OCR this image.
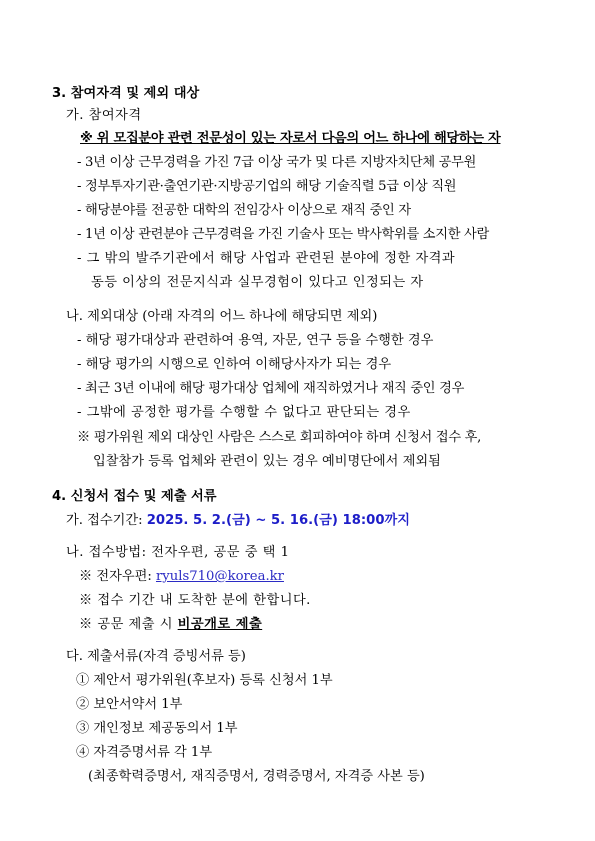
3. 참여자격 및 제외 대상
가. 참여자격
※ 위 모집분야 관련 전문성이 있는 자로서 다음의 어느 하나에 해당하는 자
- 3년 이상 근무경력을 가진 7급 이상 국가 및 다른 지방자치단체 공무원
- 정부투자기관·출연기관·지방공기업의 해당 기술직렬 5급 이상 직원
- 해당분야를 전공한 대학의 전임강사 이상으로 재직 중인 자
- 1년 이상 관련분야 근무경력을 가진 기술사 또는 박사학위를 소지한 사람
- 그 밖의 발주기관에서 해당 사업과 관련된 분야에 정한 자격과
동등 이상의 전문지식과 실무경험이 있다고 인정되는 자
나. 제외대상 (아래 자격의 어느 하나에 해당되면 제외)
- 해당 평가대상과 관련하여 용역, 자문, 연구 등을 수행한 경우
- 해당 평가의 시행으로 인하여 이해당사자가 되는 경우
- 최근 3년 이내에 해당 평가대상 업체에 재직하였거나 재직 중인 경우
- 그밖에 공정한 평가를 수행할 수 없다고 판단되는 경우
※ 평가위원 제외 대상인 사람은 스스로 회피하여야 하며 신청서 접수 후,
입찰참가 등록 업체와 관련이 있는 경우 예비명단에서 제외됨
4. 신청서 접수 및 제출 서류
가. 접수기간: 2025. 5. 2.(금) ~ 5. 16.(금) 18:00까지
나. 접수방법: 전자우편, 공문 중 택 1
※ 전자우편: ryuls710@korea.kr
※ 접수 기간 내 도착한 분에 한합니다.
※ 공문 제출 시 비공개로 제출
다. 제출서류(자격 증빙서류 등)
① 제안서 평가위원(후보자) 등록 신청서 1부
② 보안서약서 1부
③ 개인정보 제공동의서 1부
④ 자격증명서류 각 1부
(최종학력증명서, 재직증명서, 경력증명서, 자격증 사본 등)
